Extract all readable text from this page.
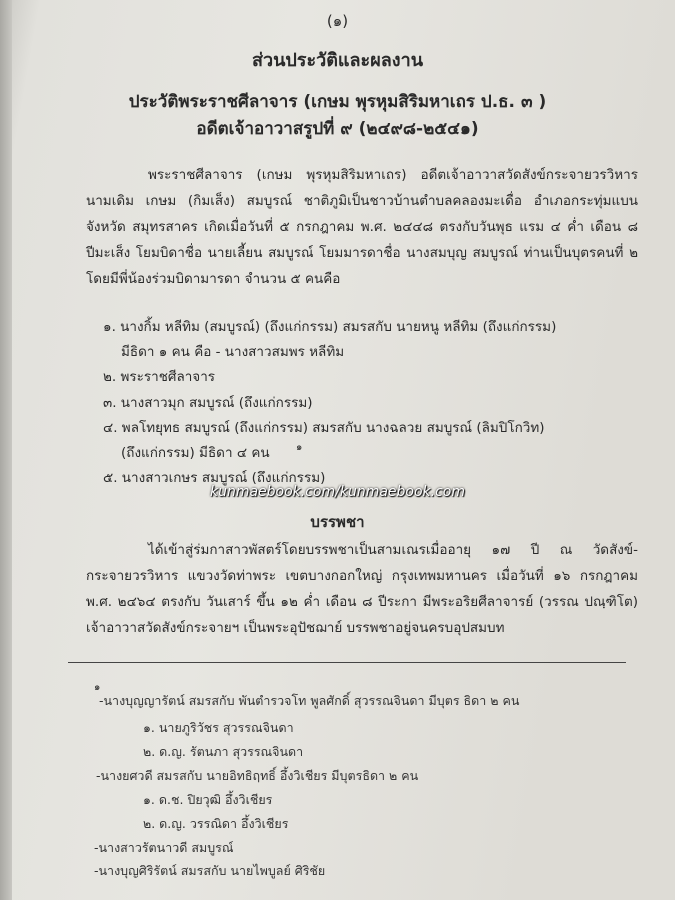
(๑)
ส่วนประวัติและผลงาน
ประวัติพระราชศีลาจาร (เกษม พุรหุมสิริมหาเถร ป.ธ. ๓ )
อดีตเจ้าอาวาสรูปที่ ๙ (๒๔๙๘-๒๕๔๑)
พระราชศีลาจาร (เกษม พุรหุมสิริมหาเถร) อดีตเจ้าอาวาสวัดสังข์กระจายวรวิหาร
นามเดิม เกษม (กิมเส็ง) สมบูรณ์ ชาติภูมิเป็นชาวบ้านตำบลคลองมะเดื่อ อำเภอกระทุ่มแบน
จังหวัด สมุทรสาคร เกิดเมื่อวันที่ ๕ กรกฎาคม พ.ศ. ๒๔๔๘ ตรงกับวันพุธ แรม ๔ ค่ำ เดือน ๘
ปีมะเส็ง โยมบิดาชื่อ นายเลี้ยน สมบูรณ์ โยมมารดาชื่อ นางสมบุญ สมบูรณ์ ท่านเป็นบุตรคนที่ ๒
โดยมีพี่น้องร่วมบิดามารดา จำนวน ๕ คนคือ
๑. นางกิ้ม หลีทิม (สมบูรณ์) (ถึงแก่กรรม) สมรสกับ นายหนู หลีทิม (ถึงแก่กรรม)
มีธิดา ๑ คน คือ - นางสาวสมพร หลีทิม
๒. พระราชศีลาจาร
๓. นางสาวมุก สมบูรณ์ (ถึงแก่กรรม)
๔. พลโทยุทธ สมบูรณ์ (ถึงแก่กรรม) สมรสกับ นางฉลวย สมบูรณ์ (ลิมปิโกวิท)
(ถึงแก่กรรม) มีธิดา ๔ คน	๑
๕. นางสาวเกษร สมบูรณ์ (ถึงแก่กรรม)
kunmaebook.com/kunmaebook.com
บรรพชา
ได้เข้าสู่ร่มกาสาวพัสตร์โดยบรรพชาเป็นสามเณรเมื่ออายุ ๑๗ ปี ณ วัดสังข์-
กระจายวรวิหาร แขวงวัดท่าพระ เขตบางกอกใหญ่ กรุงเทพมหานคร เมื่อวันที่ ๑๖ กรกฎาคม
พ.ศ. ๒๔๖๔ ตรงกับ วันเสาร์ ขึ้น ๑๒ ค่ำ เดือน ๘ ปีระกา มีพระอริยศีลาจารย์ (วรรณ ปณฺฑิโต)
เจ้าอาวาสวัดสังข์กระจายฯ เป็นพระอุปัชฌาย์ บรรพชาอยู่จนครบอุปสมบท
๑
-นางบุญญารัตน์ สมรสกับ พันตำรวจโท พูลศักดิ์ สุวรรณจินดา มีบุตร ธิดา ๒ คน
๑. นายภูริวัชร สุวรรณจินดา
๒. ด.ญ. รัตนภา สุวรรณจินดา
-นางยศวดี สมรสกับ นายอิทธิฤทธิ์ อึ้งวิเชียร มีบุตรธิดา ๒ คน
๑. ด.ช. ปิยวุฒิ อึ้งวิเชียร
๒. ด.ญ. วรรณิดา อึ้งวิเชียร
-นางสาวรัตนาวดี สมบูรณ์
-นางบุญศิริรัตน์ สมรสกับ นายไพบูลย์ ศิริชัย
